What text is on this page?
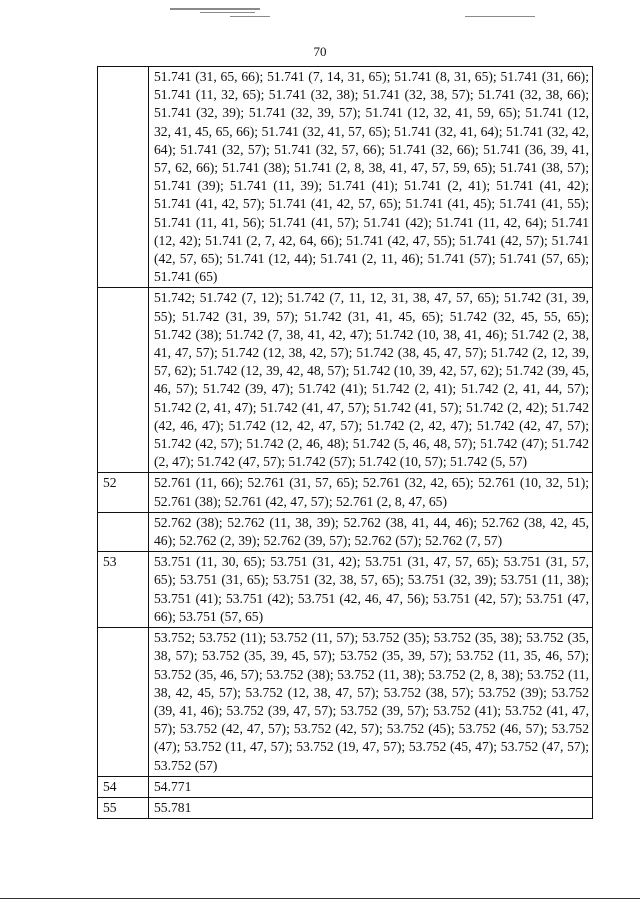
70
	51.741 (31, 65, 66); 51.741 (7, 14, 31, 65); 51.741 (8, 31, 65); 51.741 (31, 66); 51.741 (11, 32, 65); 51.741 (32, 38); 51.741 (32, 38, 57); 51.741 (32, 38, 66); 51.741 (32, 39); 51.741 (32, 39, 57); 51.741 (12, 32, 41, 59, 65); 51.741 (12, 32, 41, 45, 65, 66); 51.741 (32, 41, 57, 65); 51.741 (32, 41, 64); 51.741 (32, 42, 64); 51.741 (32, 57); 51.741 (32, 57, 66); 51.741 (32, 66); 51.741 (36, 39, 41, 57, 62, 66); 51.741 (38); 51.741 (2, 8, 38, 41, 47, 57, 59, 65); 51.741 (38, 57); 51.741 (39); 51.741 (11, 39); 51.741 (41); 51.741 (2, 41); 51.741 (41, 42); 51.741 (41, 42, 57); 51.741 (41, 42, 57, 65); 51.741 (41, 45); 51.741 (41, 55); 51.741 (11, 41, 56); 51.741 (41, 57); 51.741 (42); 51.741 (11, 42, 64); 51.741 (12, 42); 51.741 (2, 7, 42, 64, 66); 51.741 (42, 47, 55); 51.741 (42, 57); 51.741 (42, 57, 65); 51.741 (12, 44); 51.741 (2, 11, 46); 51.741 (57); 51.741 (57, 65); 51.741 (65)
	51.742; 51.742 (7, 12); 51.742 (7, 11, 12, 31, 38, 47, 57, 65); 51.742 (31, 39, 55); 51.742 (31, 39, 57); 51.742 (31, 41, 45, 65); 51.742 (32, 45, 55, 65); 51.742 (38); 51.742 (7, 38, 41, 42, 47); 51.742 (10, 38, 41, 46); 51.742 (2, 38, 41, 47, 57); 51.742 (12, 38, 42, 57); 51.742 (38, 45, 47, 57); 51.742 (2, 12, 39, 57, 62); 51.742 (12, 39, 42, 48, 57); 51.742 (10, 39, 42, 57, 62); 51.742 (39, 45, 46, 57); 51.742 (39, 47); 51.742 (41); 51.742 (2, 41); 51.742 (2, 41, 44, 57); 51.742 (2, 41, 47); 51.742 (41, 47, 57); 51.742 (41, 57); 51.742 (2, 42); 51.742 (42, 46, 47); 51.742 (12, 42, 47, 57); 51.742 (2, 42, 47); 51.742 (42, 47, 57); 51.742 (42, 57); 51.742 (2, 46, 48); 51.742 (5, 46, 48, 57); 51.742 (47); 51.742 (2, 47); 51.742 (47, 57); 51.742 (57); 51.742 (10, 57); 51.742 (5, 57)
52	52.761 (11, 66); 52.761 (31, 57, 65); 52.761 (32, 42, 65); 52.761 (10, 32, 51); 52.761 (38); 52.761 (42, 47, 57); 52.761 (2, 8, 47, 65)
	52.762 (38); 52.762 (11, 38, 39); 52.762 (38, 41, 44, 46); 52.762 (38, 42, 45, 46); 52.762 (2, 39); 52.762 (39, 57); 52.762 (57); 52.762 (7, 57)
53	53.751 (11, 30, 65); 53.751 (31, 42); 53.751 (31, 47, 57, 65); 53.751 (31, 57, 65); 53.751 (31, 65); 53.751 (32, 38, 57, 65); 53.751 (32, 39); 53.751 (11, 38); 53.751 (41); 53.751 (42); 53.751 (42, 46, 47, 56); 53.751 (42, 57); 53.751 (47, 66); 53.751 (57, 65)
	53.752; 53.752 (11); 53.752 (11, 57); 53.752 (35); 53.752 (35, 38); 53.752 (35, 38, 57); 53.752 (35, 39, 45, 57); 53.752 (35, 39, 57); 53.752 (11, 35, 46, 57); 53.752 (35, 46, 57); 53.752 (38); 53.752 (11, 38); 53.752 (2, 8, 38); 53.752 (11, 38, 42, 45, 57); 53.752 (12, 38, 47, 57); 53.752 (38, 57); 53.752 (39); 53.752 (39, 41, 46); 53.752 (39, 47, 57); 53.752 (39, 57); 53.752 (41); 53.752 (41, 47, 57); 53.752 (42, 47, 57); 53.752 (42, 57); 53.752 (45); 53.752 (46, 57); 53.752 (47); 53.752 (11, 47, 57); 53.752 (19, 47, 57); 53.752 (45, 47); 53.752 (47, 57); 53.752 (57)
54	54.771
55	55.781
